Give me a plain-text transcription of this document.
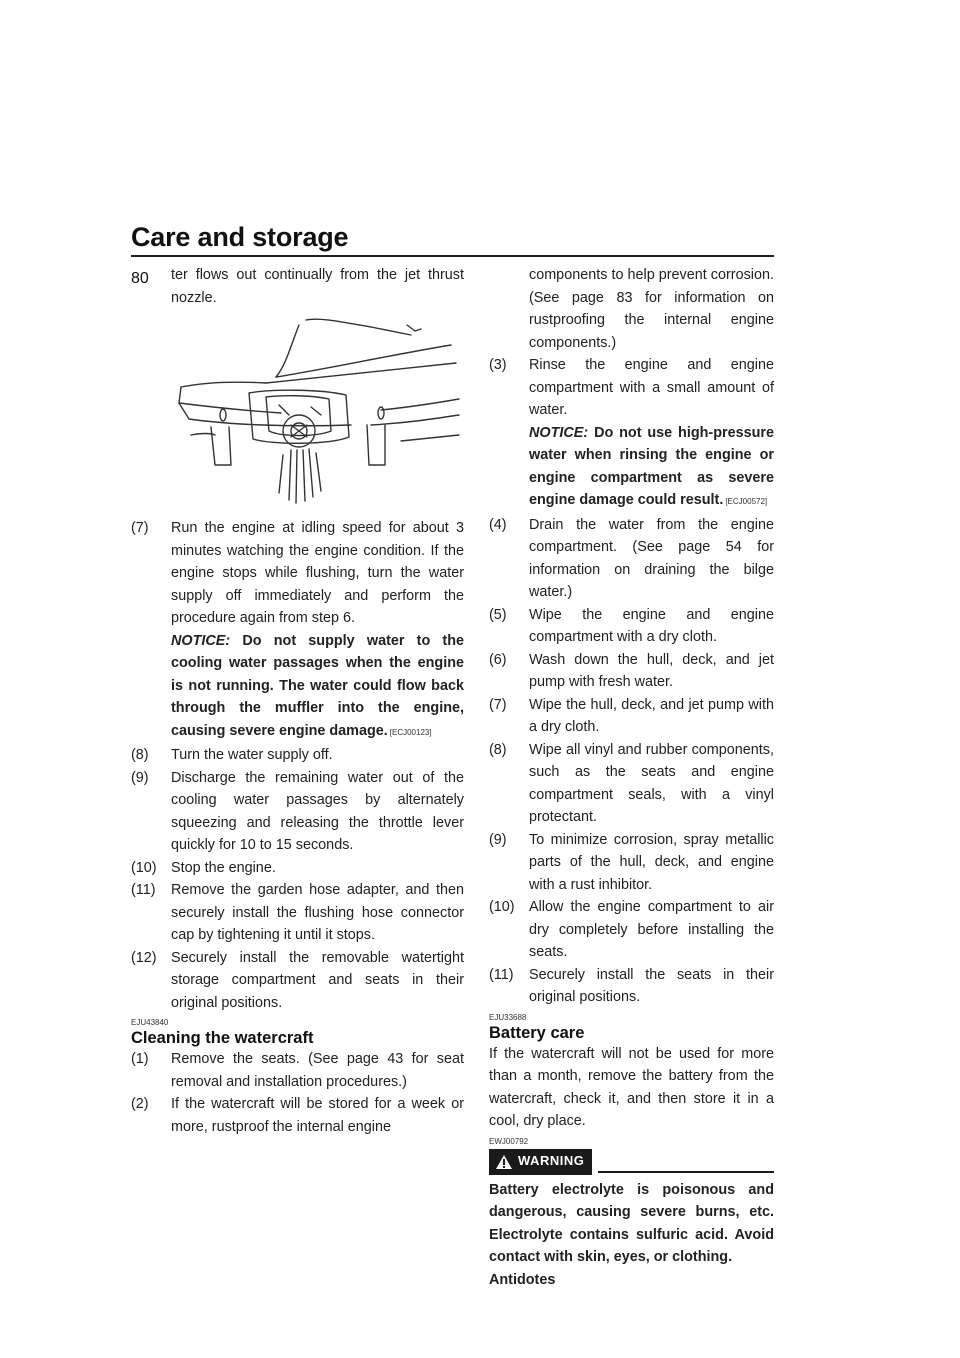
Care and storage
80	ter flows out continually from the jet thrust nozzle.
(7) Run the engine at idling speed for about 3 minutes watching the engine condition. If the engine stops while flushing, turn the water supply off immediately and perform the procedure again from step 6.
NOTICE: Do not supply water to the cooling water passages when the engine is not running. The water could flow back through the muffler into the engine, causing severe engine damage. [ECJ00123]
(8) Turn the water supply off.
(9) Discharge the remaining water out of the cooling water passages by alternately squeezing and releasing the throttle lever quickly for 10 to 15 seconds.
(10) Stop the engine.
(11) Remove the garden hose adapter, and then securely install the flushing hose connector cap by tightening it until it stops.
(12) Securely install the removable watertight storage compartment and seats in their original positions.
EJU43840
Cleaning the watercraft
(1) Remove the seats. (See page 43 for seat removal and installation procedures.)
(2) If the watercraft will be stored for a week or more, rustproof the internal engine
components to help prevent corrosion. (See page 83 for information on rustproofing the internal engine components.)
(3) Rinse the engine and engine compartment with a small amount of water.
NOTICE: Do not use high-pressure water when rinsing the engine or engine compartment as severe engine damage could result. [ECJ00572]
(4) Drain the water from the engine compartment. (See page 54 for information on draining the bilge water.)
(5) Wipe the engine and engine compartment with a dry cloth.
(6) Wash down the hull, deck, and jet pump with fresh water.
(7) Wipe the hull, deck, and jet pump with a dry cloth.
(8) Wipe all vinyl and rubber components, such as the seats and engine compartment seals, with a vinyl protectant.
(9) To minimize corrosion, spray metallic parts of the hull, deck, and engine with a rust inhibitor.
(10) Allow the engine compartment to air dry completely before installing the seats.
(11) Securely install the seats in their original positions.
EJU33688
Battery care
If the watercraft will not be used for more than a month, remove the battery from the watercraft, check it, and then store it in a cool, dry place.
EWJ00792
WARNING
Battery electrolyte is poisonous and dangerous, causing severe burns, etc. Electrolyte contains sulfuric acid. Avoid contact with skin, eyes, or clothing.
Antidotes
